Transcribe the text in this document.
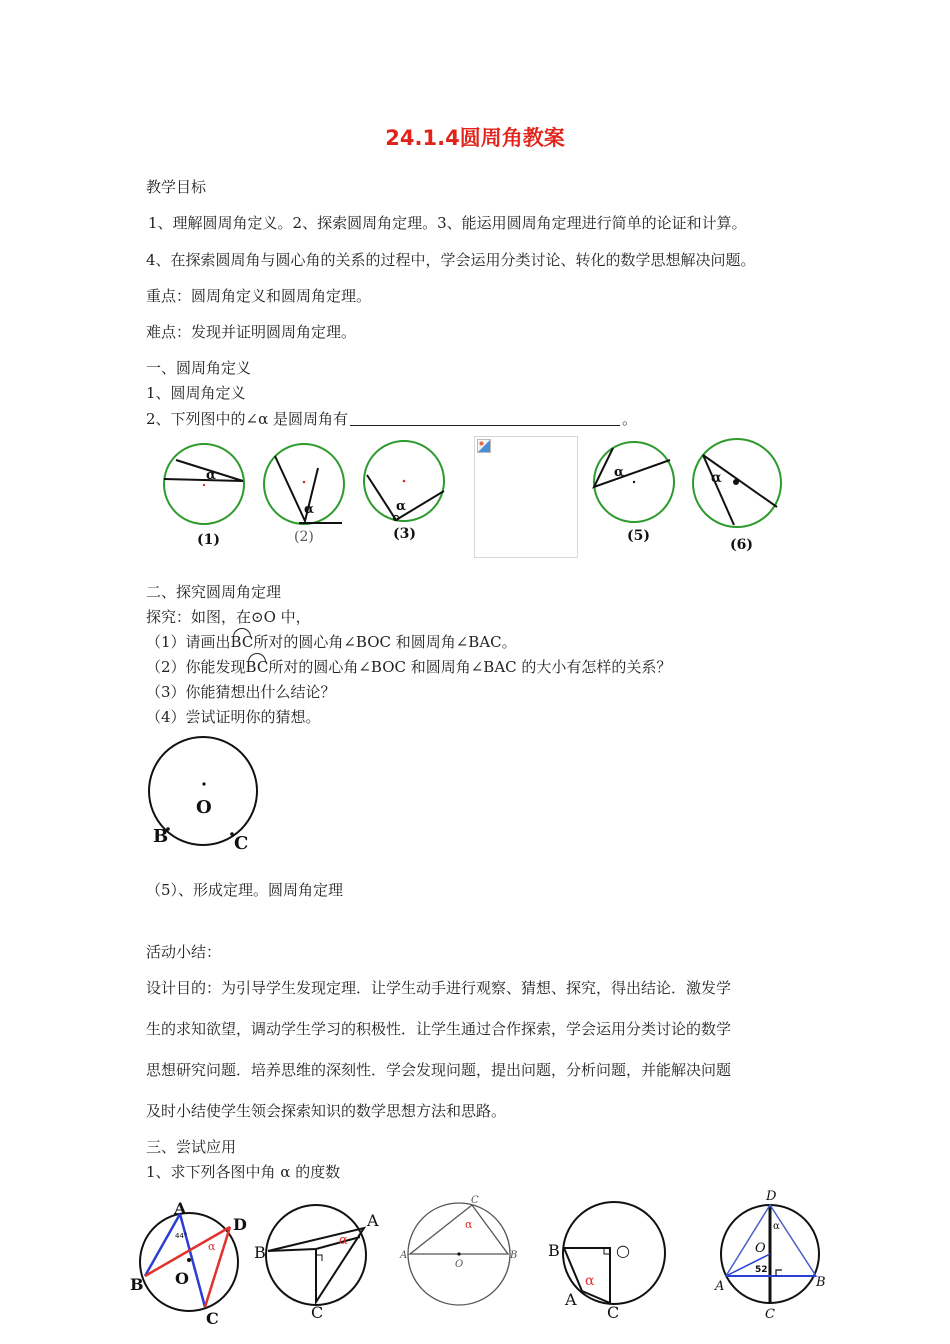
24.1.4圆周角教案
教学目标
1、理解圆周角定义。2、探索圆周角定理。3、能运用圆周角定理进行简单的论证和计算。
4、在探索圆周角与圆心角的关系的过程中，学会运用分类讨论、转化的数学思想解决问题。
重点：圆周角定义和圆周角定理。
难点：发现并证明圆周角定理。
一、圆周角定义
1、圆周角定义
2、下列图中的∠α 是圆周角有	。
α
(1)
α
(2)
α
(3)
α
(5)
α
(6)
二、探究圆周角定理
探究：如图，在⊙O 中，
（1）请画出BC所对的圆心角∠BOC 和圆周角∠BAC。
（2）你能发现BC所对的圆心角∠BOC 和圆周角∠BAC 的大小有怎样的关系？
（3）你能猜想出什么结论？
（4）尝试证明你的猜想。
O
B	C
（5）、形成定理。圆周角定理
活动小结：
设计目的：为引导学生发现定理．让学生动手进行观察、猜想、探究，得出结论．激发学
生的求知欲望，调动学生学习的积极性．让学生通过合作探索，学会运用分类讨论的数学
思想研究问题．培养思维的深刻性．学会发现问题，提出问题，分析问题，并能解决问题
及时小结使学生领会探索知识的数学思想方法和思路。
三、尝试应用
1、求下列各图中角 α 的度数
A
D
B
C
O
44°
α B
A
C
α
C
A	B
O
α
B	○
A
C
α
D
O
A	B
C
52
α
